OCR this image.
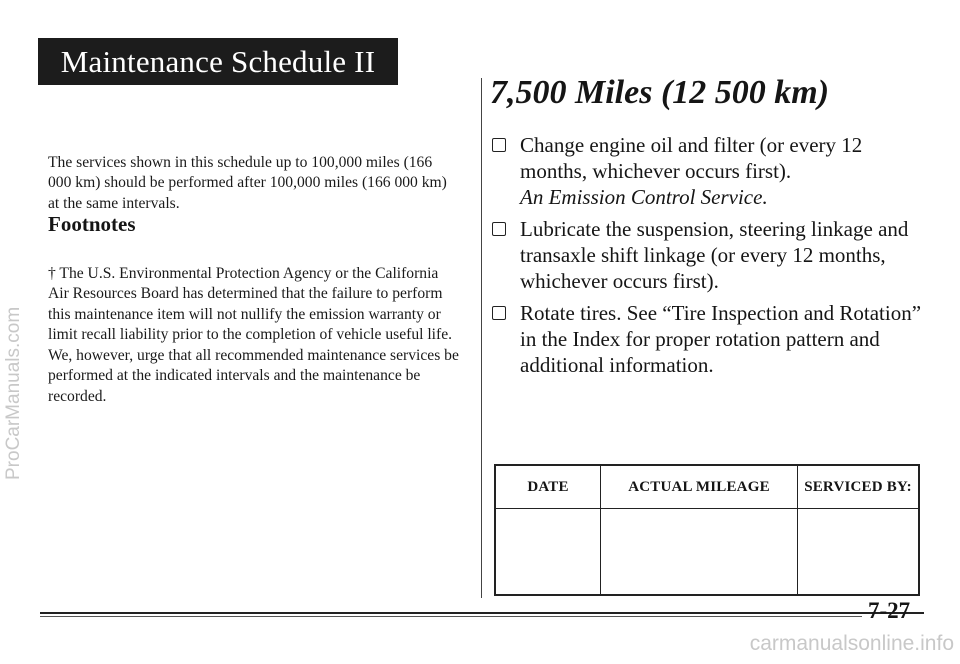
Maintenance Schedule II

The services shown in this schedule up to 100,000 miles (166 000 km) should be performed after 100,000 miles (166 000 km) at the same intervals.

Footnotes

† The U.S. Environmental Protection Agency or the California Air Resources Board has determined that the failure to perform this maintenance item will not nullify the emission warranty or limit recall liability prior to the completion of vehicle useful life. We, however, urge that all recommended maintenance services be performed at the indicated intervals and the maintenance be recorded.

7,500 Miles (12 500 km)
Change engine oil and filter (or every 12 months, whichever occurs first).
An Emission Control Service.
Lubricate the suspension, steering linkage and transaxle shift linkage (or every 12 months, whichever occurs first).
Rotate tires. See “Tire Inspection and Rotation” in the Index for proper rotation pattern and additional information.
DATE	ACTUAL MILEAGE	SERVICED BY:

7-27
ProCarManuals.com
carmanualsonline.info
